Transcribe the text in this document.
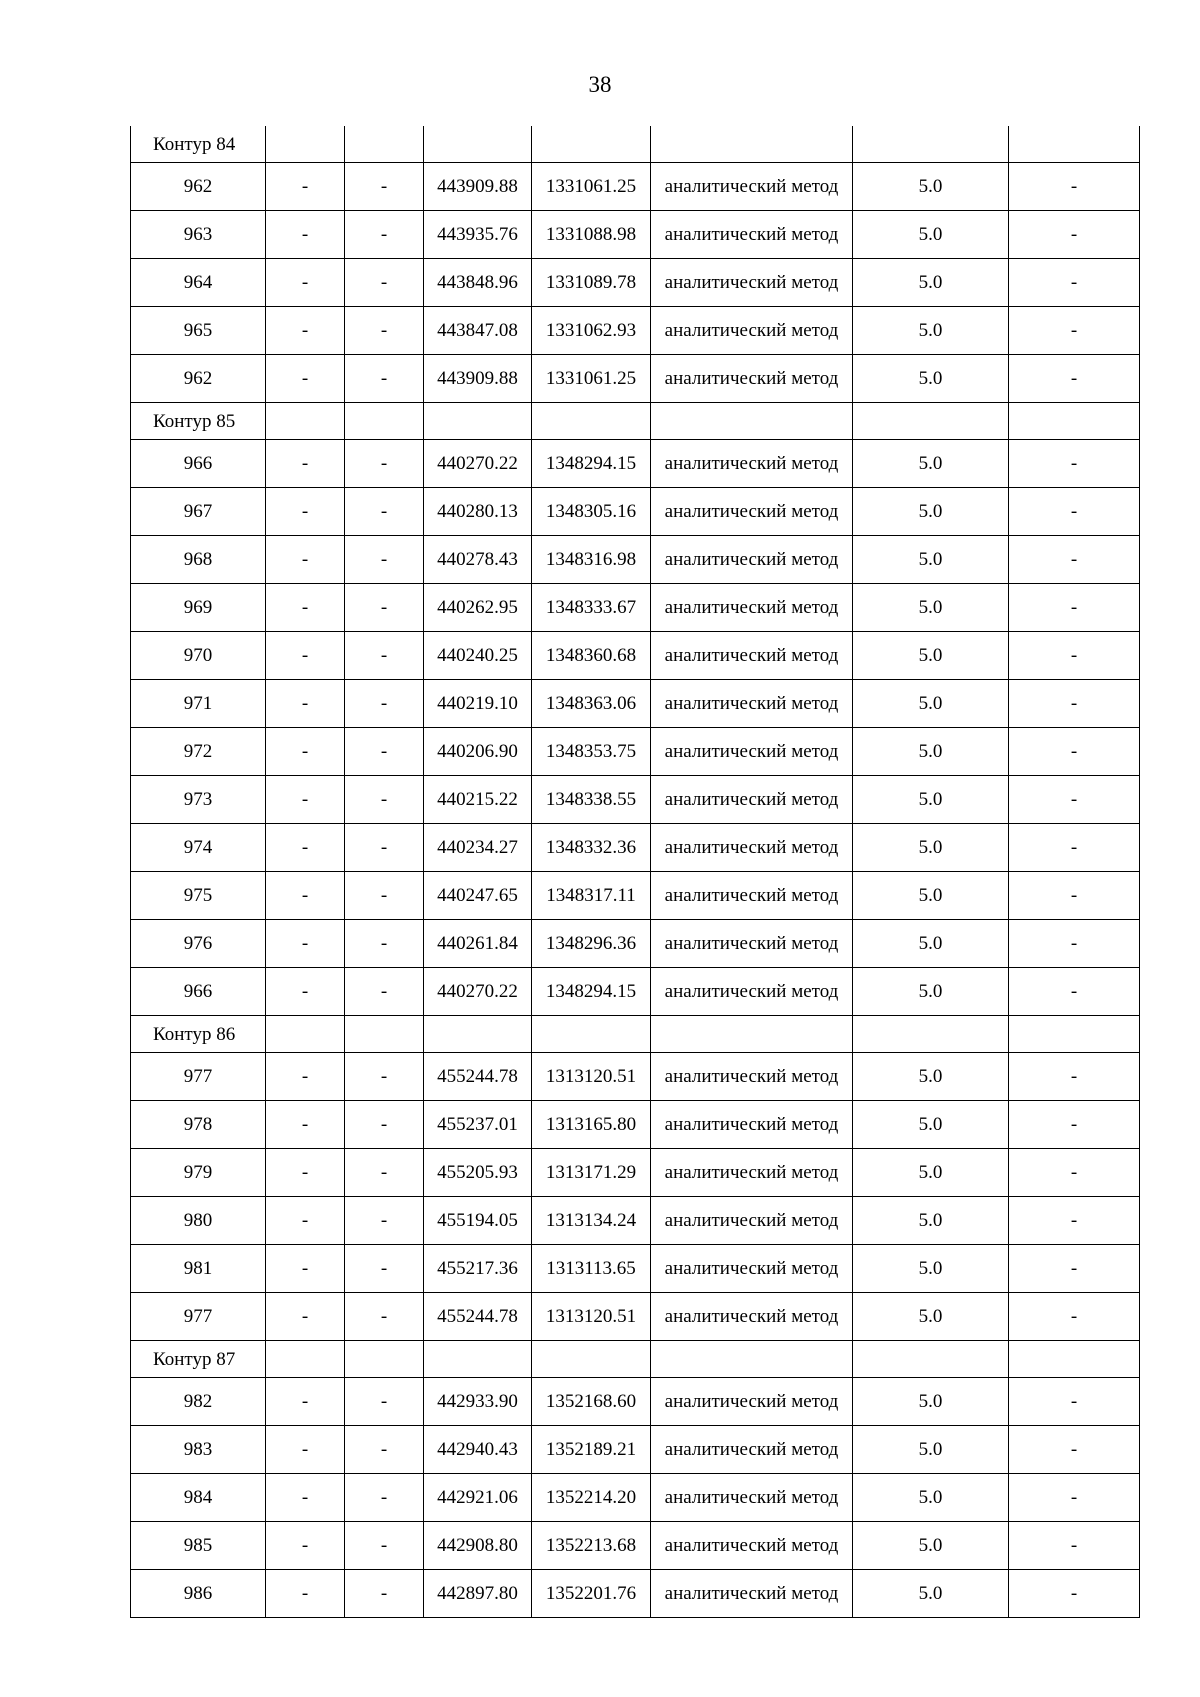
38
Контур 84							
962	-	-	443909.88	1331061.25	аналитический метод	5.0	-
963	-	-	443935.76	1331088.98	аналитический метод	5.0	-
964	-	-	443848.96	1331089.78	аналитический метод	5.0	-
965	-	-	443847.08	1331062.93	аналитический метод	5.0	-
962	-	-	443909.88	1331061.25	аналитический метод	5.0	-
Контур 85							
966	-	-	440270.22	1348294.15	аналитический метод	5.0	-
967	-	-	440280.13	1348305.16	аналитический метод	5.0	-
968	-	-	440278.43	1348316.98	аналитический метод	5.0	-
969	-	-	440262.95	1348333.67	аналитический метод	5.0	-
970	-	-	440240.25	1348360.68	аналитический метод	5.0	-
971	-	-	440219.10	1348363.06	аналитический метод	5.0	-
972	-	-	440206.90	1348353.75	аналитический метод	5.0	-
973	-	-	440215.22	1348338.55	аналитический метод	5.0	-
974	-	-	440234.27	1348332.36	аналитический метод	5.0	-
975	-	-	440247.65	1348317.11	аналитический метод	5.0	-
976	-	-	440261.84	1348296.36	аналитический метод	5.0	-
966	-	-	440270.22	1348294.15	аналитический метод	5.0	-
Контур 86							
977	-	-	455244.78	1313120.51	аналитический метод	5.0	-
978	-	-	455237.01	1313165.80	аналитический метод	5.0	-
979	-	-	455205.93	1313171.29	аналитический метод	5.0	-
980	-	-	455194.05	1313134.24	аналитический метод	5.0	-
981	-	-	455217.36	1313113.65	аналитический метод	5.0	-
977	-	-	455244.78	1313120.51	аналитический метод	5.0	-
Контур 87							
982	-	-	442933.90	1352168.60	аналитический метод	5.0	-
983	-	-	442940.43	1352189.21	аналитический метод	5.0	-
984	-	-	442921.06	1352214.20	аналитический метод	5.0	-
985	-	-	442908.80	1352213.68	аналитический метод	5.0	-
986	-	-	442897.80	1352201.76	аналитический метод	5.0	-
